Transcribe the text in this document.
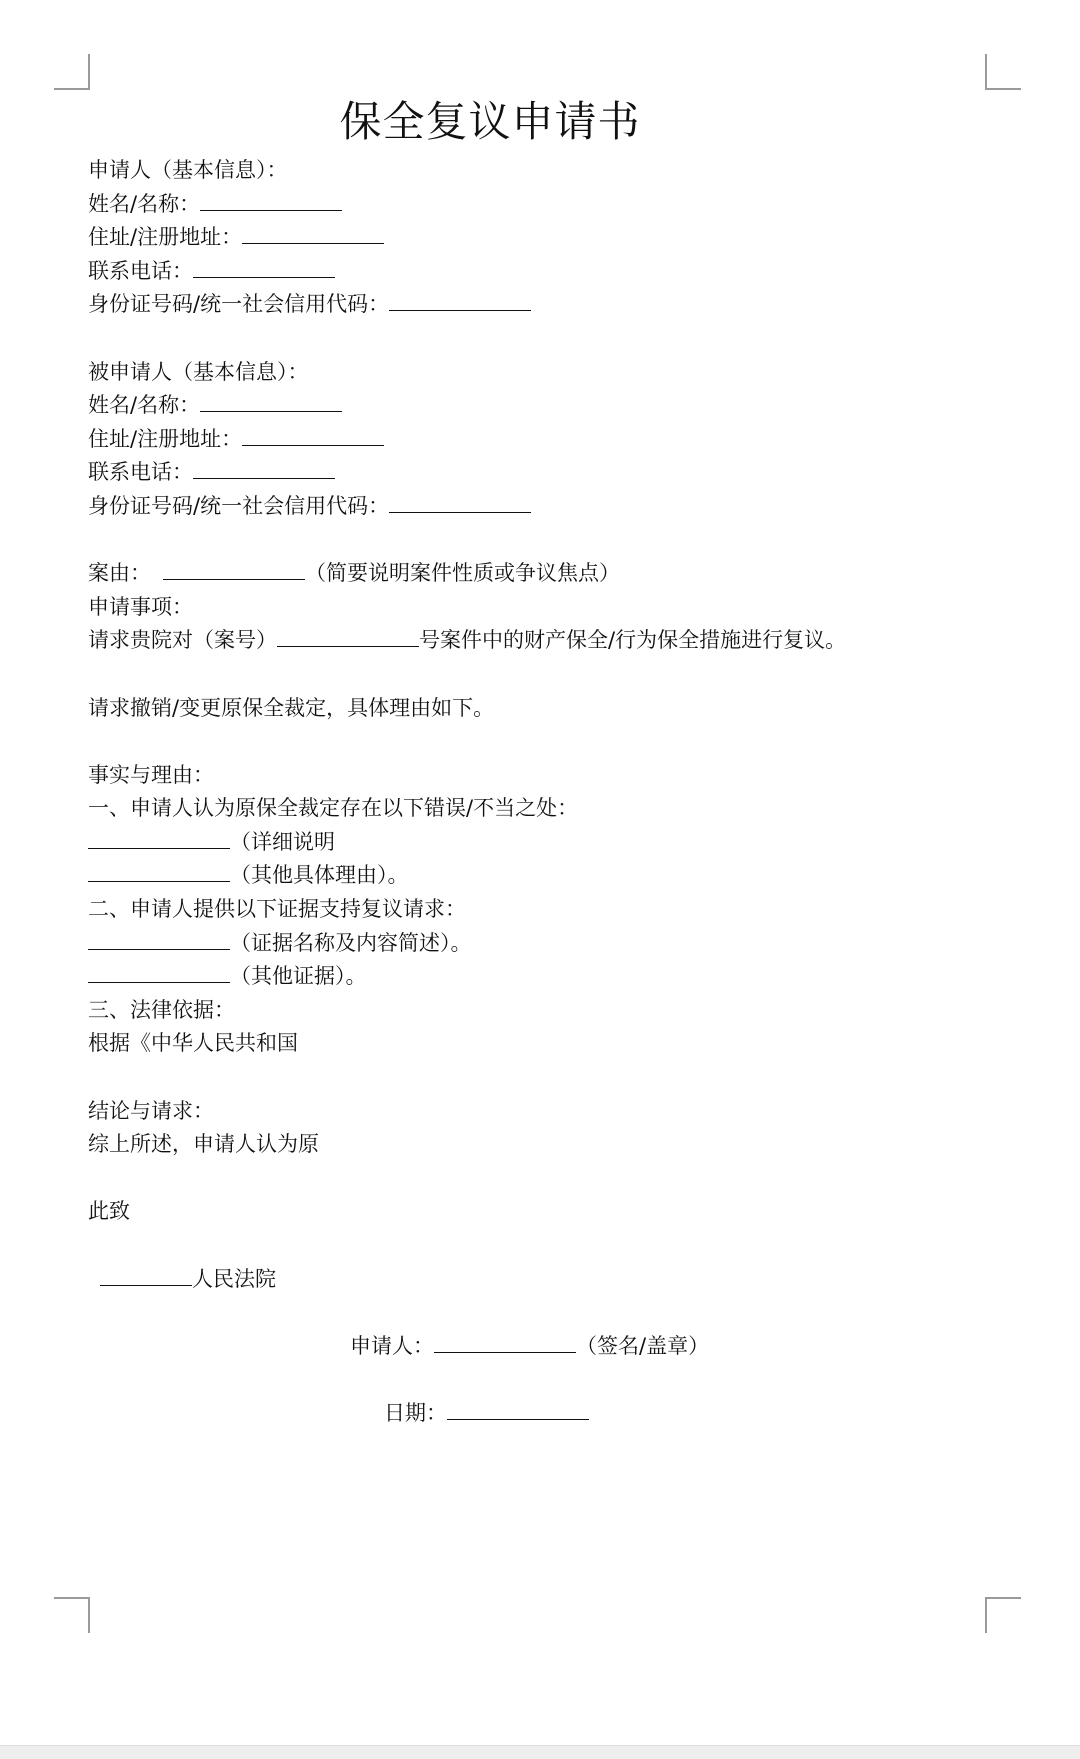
保全复议申请书
申请人（基本信息）：
姓名/名称：
住址/注册地址：
联系电话：
身份证号码/统一社会信用代码：
被申请人（基本信息）：
姓名/名称：
住址/注册地址：
联系电话：
身份证号码/统一社会信用代码：
案由：	（简要说明案件性质或争议焦点）
申请事项：
请求贵院对（案号）	号案件中的财产保全/行为保全措施进行复议。
请求撤销/变更原保全裁定，具体理由如下。
事实与理由：
一、申请人认为原保全裁定存在以下错误/不当之处：
（详细说明
（其他具体理由）。
二、申请人提供以下证据支持复议请求：
（证据名称及内容简述）。
（其他证据）。
三、法律依据：
根据《中华人民共和国
结论与请求：
综上所述，申请人认为原
此致
人民法院
申请人：	（签名/盖章）
日期：
